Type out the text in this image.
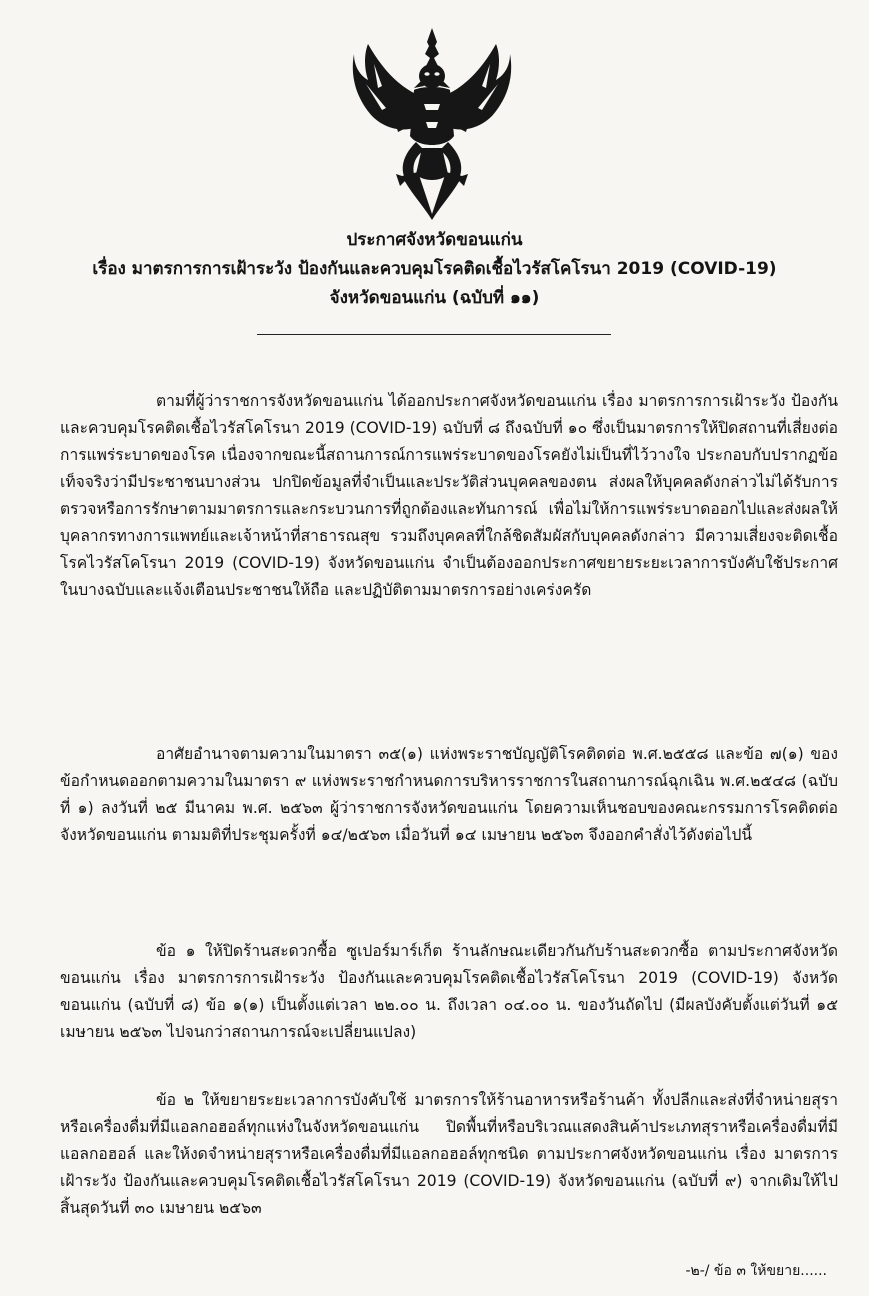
ประกาศจังหวัดขอนแก่น
เรื่อง มาตรการการเฝ้าระวัง ป้องกันและควบคุมโรคติดเชื้อไวรัสโคโรนา 2019 (COVID-19)
จังหวัดขอนแก่น (ฉบับที่ ๑๑)

ตามที่ผู้ว่าราชการจังหวัดขอนแก่น ได้ออกประกาศจังหวัดขอนแก่น เรื่อง มาตรการการเฝ้าระวัง ป้องกันและควบคุมโรคติดเชื้อไวรัสโคโรนา 2019 (COVID-19) ฉบับที่ ๘ ถึงฉบับที่ ๑๐ ซึ่งเป็นมาตรการให้ปิดสถานที่เสี่ยงต่อการแพร่ระบาดของโรค เนื่องจากขณะนี้สถานการณ์การแพร่ระบาดของโรคยังไม่เป็นที่ไว้วางใจ ประกอบกับปรากฏข้อเท็จจริงว่ามีประชาชนบางส่วน ปกปิดข้อมูลที่จำเป็นและประวัติส่วนบุคคลของตน ส่งผลให้บุคคลดังกล่าวไม่ได้รับการตรวจหรือการรักษาตามมาตรการและกระบวนการที่ถูกต้องและทันการณ์ เพื่อไม่ให้การแพร่ระบาดออกไปและส่งผลให้บุคลากรทางการแพทย์และเจ้าหน้าที่สาธารณสุข รวมถึงบุคคลที่ใกล้ชิดสัมผัสกับบุคคลดังกล่าว มีความเสี่ยงจะติดเชื้อโรคไวรัสโคโรนา 2019 (COVID-19) จังหวัดขอนแก่น จำเป็นต้องออกประกาศขยายระยะเวลาการบังคับใช้ประกาศในบางฉบับและแจ้งเตือนประชาชนให้ถือ และปฏิบัติตามมาตรการอย่างเคร่งครัด

อาศัยอำนาจตามความในมาตรา ๓๕(๑) แห่งพระราชบัญญัติโรคติดต่อ พ.ศ.๒๕๕๘ และข้อ ๗(๑) ของข้อกำหนดออกตามความในมาตรา ๙ แห่งพระราชกำหนดการบริหารราชการในสถานการณ์ฉุกเฉิน พ.ศ.๒๕๔๘ (ฉบับที่ ๑) ลงวันที่ ๒๕ มีนาคม พ.ศ. ๒๕๖๓ ผู้ว่าราชการจังหวัดขอนแก่น โดยความเห็นชอบของคณะกรรมการโรคติดต่อจังหวัดขอนแก่น ตามมติที่ประชุมครั้งที่ ๑๔/๒๕๖๓ เมื่อวันที่ ๑๔ เมษายน ๒๕๖๓ จึงออกคำสั่งไว้ดังต่อไปนี้

ข้อ ๑ ให้ปิดร้านสะดวกซื้อ ซูเปอร์มาร์เก็ต ร้านลักษณะเดียวกันกับร้านสะดวกซื้อ ตามประกาศจังหวัดขอนแก่น เรื่อง มาตรการการเฝ้าระวัง ป้องกันและควบคุมโรคติดเชื้อไวรัสโคโรนา 2019 (COVID-19) จังหวัดขอนแก่น (ฉบับที่ ๘) ข้อ ๑(๑) เป็นตั้งแต่เวลา ๒๒.๐๐ น. ถึงเวลา ๐๔.๐๐ น. ของวันถัดไป (มีผลบังคับตั้งแต่วันที่ ๑๕ เมษายน ๒๕๖๓ ไปจนกว่าสถานการณ์จะเปลี่ยนแปลง)

ข้อ ๒ ให้ขยายระยะเวลาการบังคับใช้ มาตรการให้ร้านอาหารหรือร้านค้า ทั้งปลีกและส่งที่จำหน่ายสุรา หรือเครื่องดื่มที่มีแอลกอฮอล์ทุกแห่งในจังหวัดขอนแก่น ปิดพื้นที่หรือบริเวณแสดงสินค้าประเภทสุราหรือเครื่องดื่มที่มีแอลกอฮอล์ และให้งดจำหน่ายสุราหรือเครื่องดื่มที่มีแอลกอฮอล์ทุกชนิด ตามประกาศจังหวัดขอนแก่น เรื่อง มาตรการเฝ้าระวัง ป้องกันและควบคุมโรคติดเชื้อไวรัสโคโรนา 2019 (COVID-19) จังหวัดขอนแก่น (ฉบับที่ ๙) จากเดิมให้ไปสิ้นสุดวันที่ ๓๐ เมษายน ๒๕๖๓

-๒-/ ข้อ ๓ ให้ขยาย......
